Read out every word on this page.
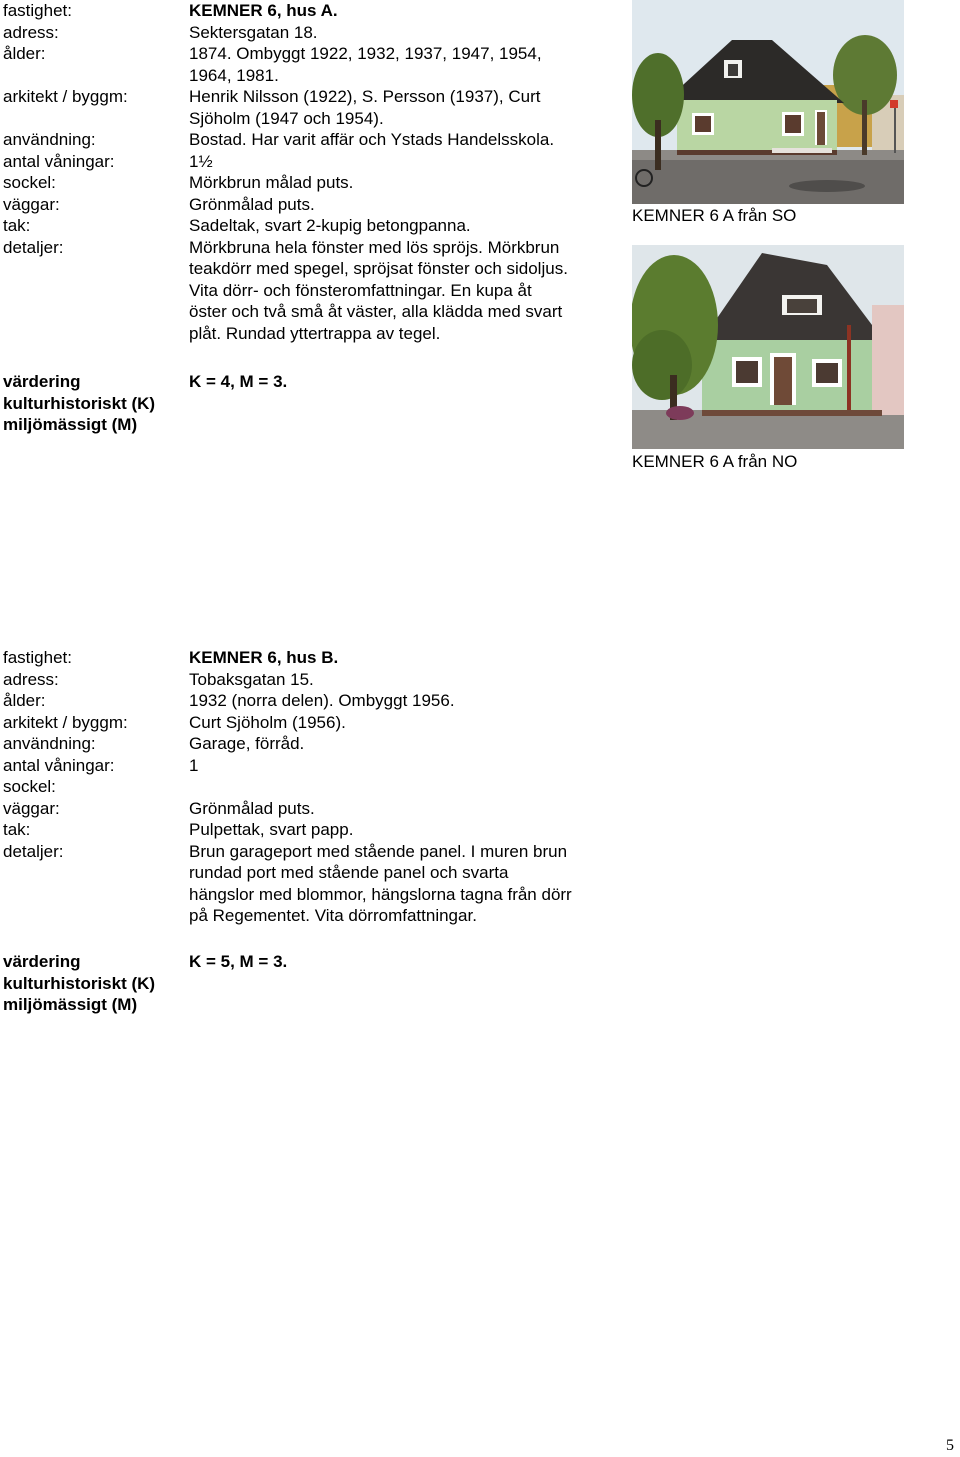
fastighet:	KEMNER 6, hus A.
adress:	Sektersgatan 18.
ålder:	1874. Ombyggt 1922, 1932, 1937, 1947, 1954,
1964, 1981.
arkitekt / byggm:	Henrik Nilsson (1922), S. Persson (1937), Curt
Sjöholm (1947 och 1954).
användning:	Bostad. Har varit affär och Ystads Handelsskola.
antal våningar:	1½
sockel:	Mörkbrun målad puts.
väggar:	Grönmålad puts.
tak:	Sadeltak, svart 2-kupig betongpanna.
detaljer:	Mörkbruna hela fönster med lös spröjs. Mörkbrun
teakdörr med spegel, spröjsat fönster och sidoljus.
Vita dörr- och fönsteromfattningar. En kupa åt
öster och två små åt väster, alla klädda med svart
plåt. Rundad yttertrappa av tegel.
värdering
kulturhistoriskt (K)
miljömässigt (M)
K = 4, M = 3.
fastighet:	KEMNER 6, hus B.
adress:	Tobaksgatan 15.
ålder:	1932 (norra delen). Ombyggt 1956.
arkitekt / byggm:	Curt Sjöholm (1956).
användning:	Garage, förråd.
antal våningar:	1
sockel:

väggar:	Grönmålad puts.
tak:	Pulpettak, svart papp.
detaljer:	Brun garageport med stående panel. I muren brun
rundad port med stående panel och svarta
hängslor med blommor, hängslorna tagna från dörr
på Regementet. Vita dörromfattningar.
värdering
kulturhistoriskt (K)
miljömässigt (M)
K = 5, M = 3.
KEMNER 6 A från SO
KEMNER 6 A från NO
5
